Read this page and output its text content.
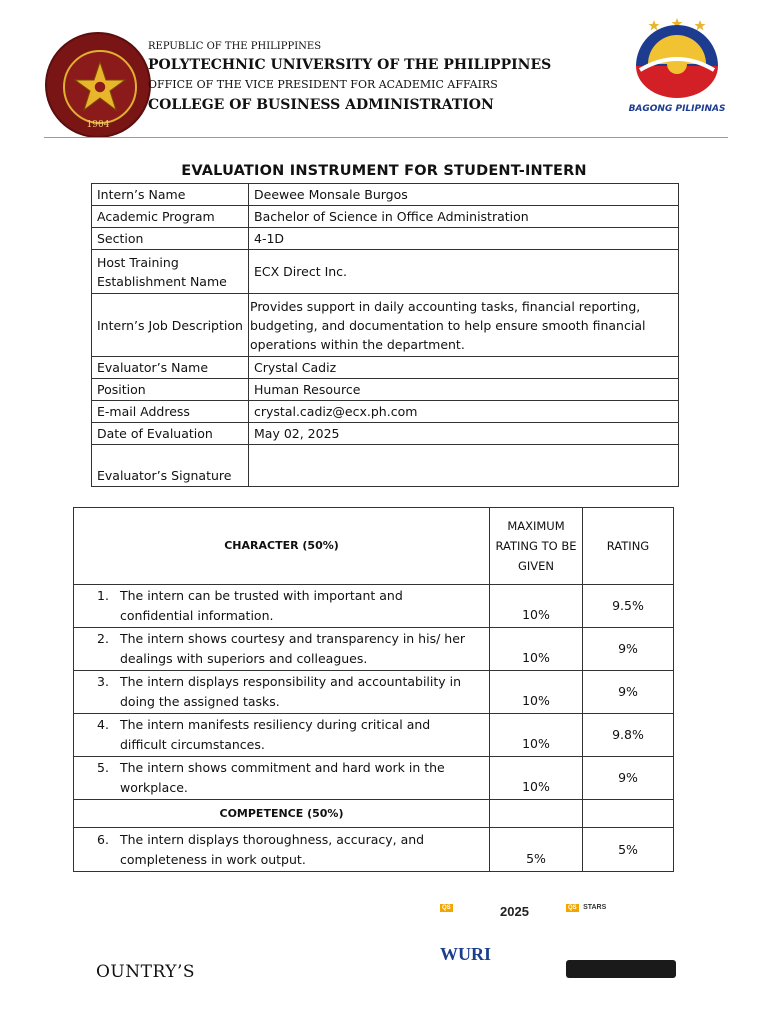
1904
REPUBLIC OF THE PHILIPPINES
POLYTECHNIC UNIVERSITY OF THE PHILIPPINES
OFFICE OF THE VICE PRESIDENT FOR ACADEMIC AFFAIRS
COLLEGE OF BUSINESS ADMINISTRATION	BAGONG PILIPINAS
EVALUATION INSTRUMENT FOR STUDENT-INTERN
Intern’s Name	Deewee Monsale Burgos
Academic Program	Bachelor of Science in Office Administration
Section	4-1D
Host Training Establishment Name	ECX Direct Inc.
Intern’s Job Description	Provides support in daily accounting tasks, financial reporting, budgeting, and documentation to help ensure smooth financial operations within the department.
Evaluator’s Name	Crystal Cadiz
Position	Human Resource
E-mail Address	crystal.cadiz@ecx.ph.com
Date of Evaluation	May 02, 2025
Evaluator’s Signature	
CHARACTER (50%)	MAXIMUM RATING TO BE GIVEN	RATING

1. The intern can be trusted with important and confidential information.	10%	9.5%

2. The intern shows courtesy and transparency in his/ her dealings with superiors and colleagues.	10%	9%

3. The intern displays responsibility and accountability in doing the assigned tasks.	10%	9%

4. The intern manifests resiliency during critical and difficult circumstances.	10%	9.8%

5. The intern shows commitment and hard work in the workplace.	10%	9%
COMPETENCE (50%)		

6. The intern displays thoroughness, accuracy, and completeness in work output.	5%	5%
OUNTRY’S
QS	2025
WURI
QS STARS
